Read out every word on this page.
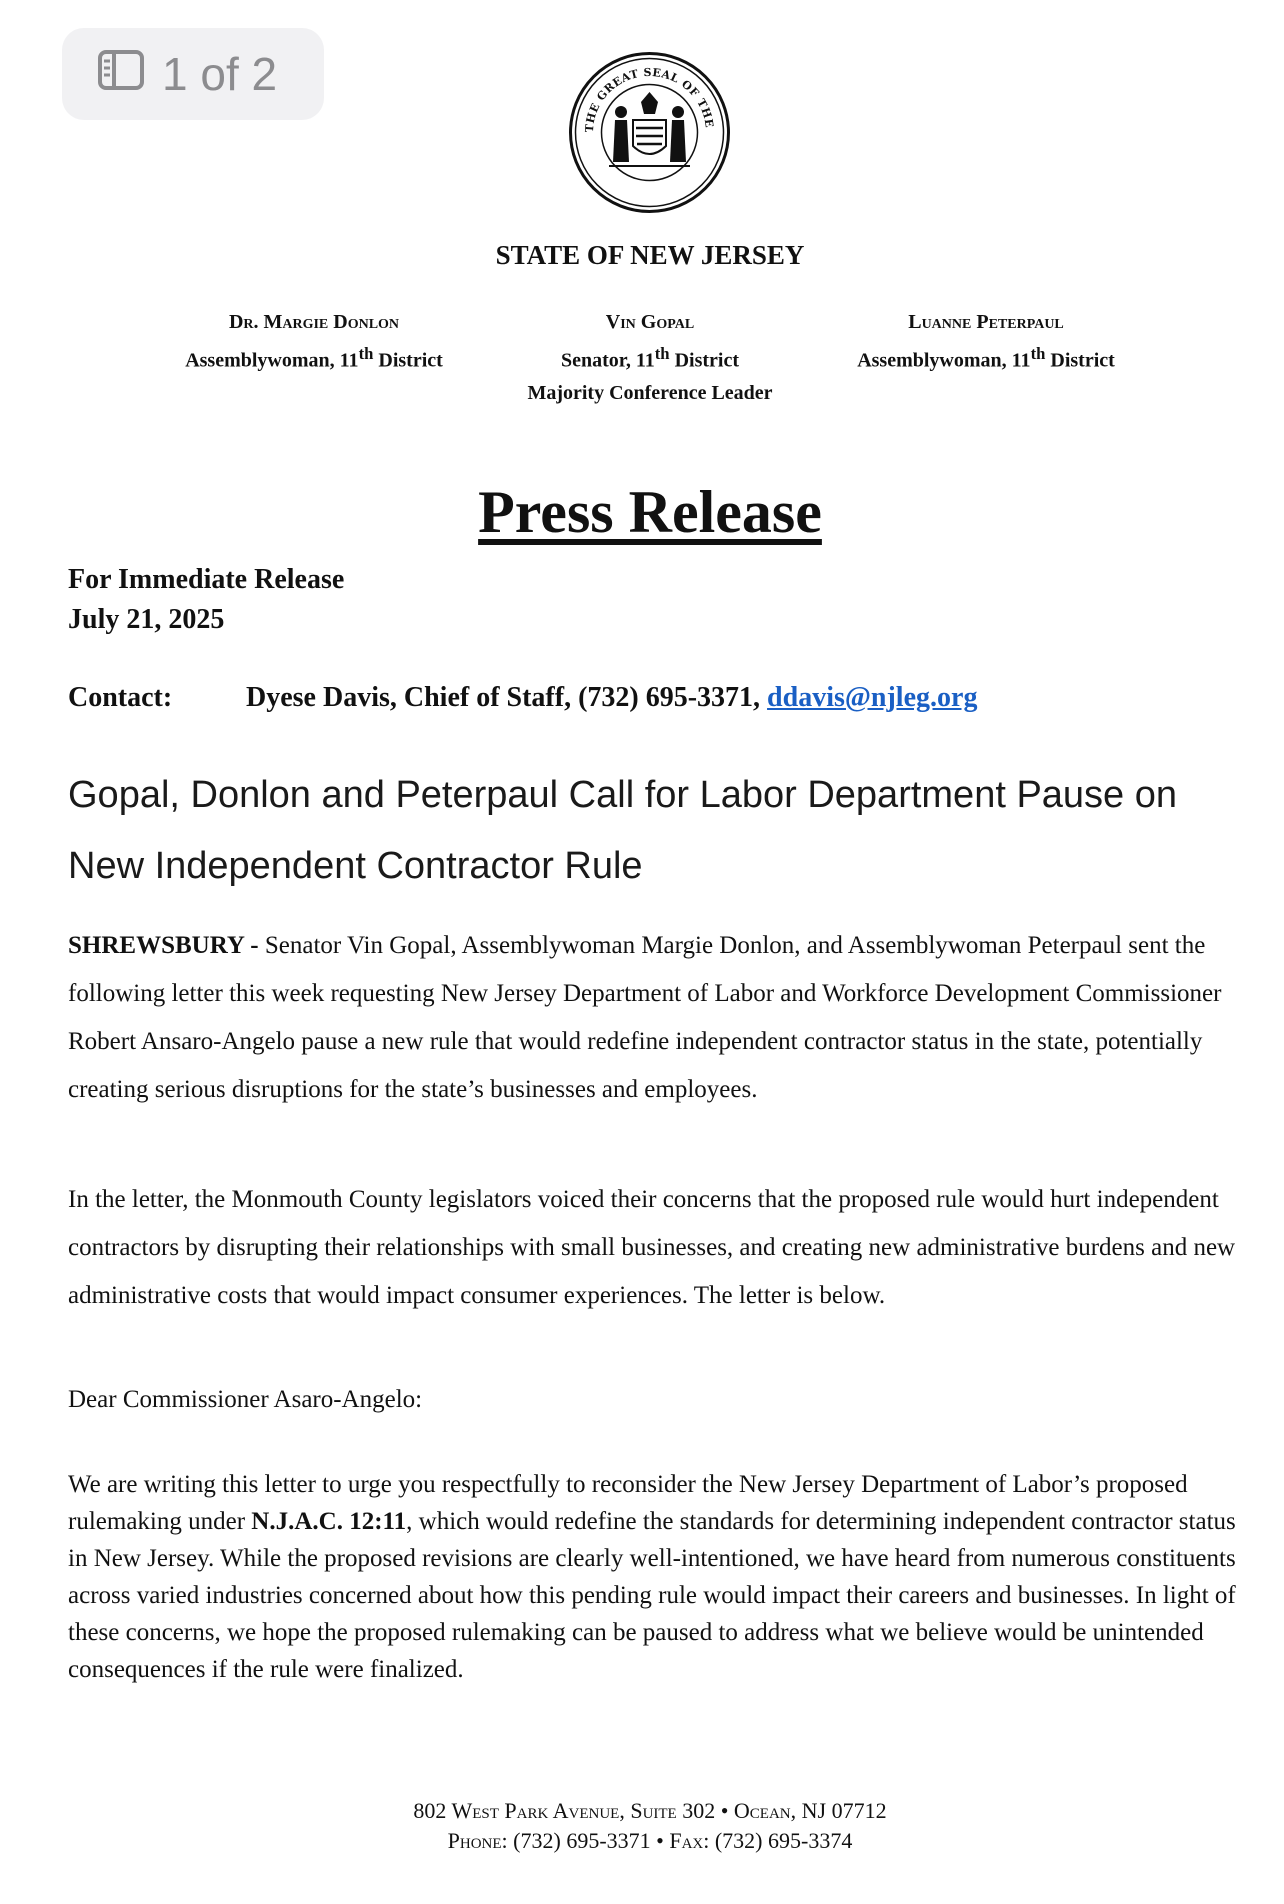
1 of 2
THE GREAT SEAL OF THE
STATE OF NEW JERSEY
Dr. Margie Donlon
Assemblywoman, 11th District
Vin Gopal
Senator, 11th District
Majority Conference Leader
Luanne Peterpaul
Assemblywoman, 11th District
Press Release
For Immediate Release
July 21, 2025
Contact:	Dyese Davis, Chief of Staff, (732) 695-3371, ddavis@njleg.org
Gopal, Donlon and Peterpaul Call for Labor Department Pause on New Independent Contractor Rule
SHREWSBURY - Senator Vin Gopal, Assemblywoman Margie Donlon, and Assemblywoman Peterpaul sent the following letter this week requesting New Jersey Department of Labor and Workforce Development Commissioner Robert Ansaro-Angelo pause a new rule that would redefine independent contractor status in the state, potentially creating serious disruptions for the state’s businesses and employees.
In the letter, the Monmouth County legislators voiced their concerns that the proposed rule would hurt independent contractors by disrupting their relationships with small businesses, and creating new administrative burdens and new administrative costs that would impact consumer experiences. The letter is below.
Dear Commissioner Asaro-Angelo:
We are writing this letter to urge you respectfully to reconsider the New Jersey Department of Labor’s proposed rulemaking under N.J.A.C. 12:11, which would redefine the standards for determining independent contractor status in New Jersey. While the proposed revisions are clearly well-intentioned, we have heard from numerous constituents across varied industries concerned about how this pending rule would impact their careers and businesses. In light of these concerns, we hope the proposed rulemaking can be paused to address what we believe would be unintended consequences if the rule were finalized.
802 West Park Avenue, Suite 302 • Ocean, NJ 07712
Phone: (732) 695-3371 • Fax: (732) 695-3374
